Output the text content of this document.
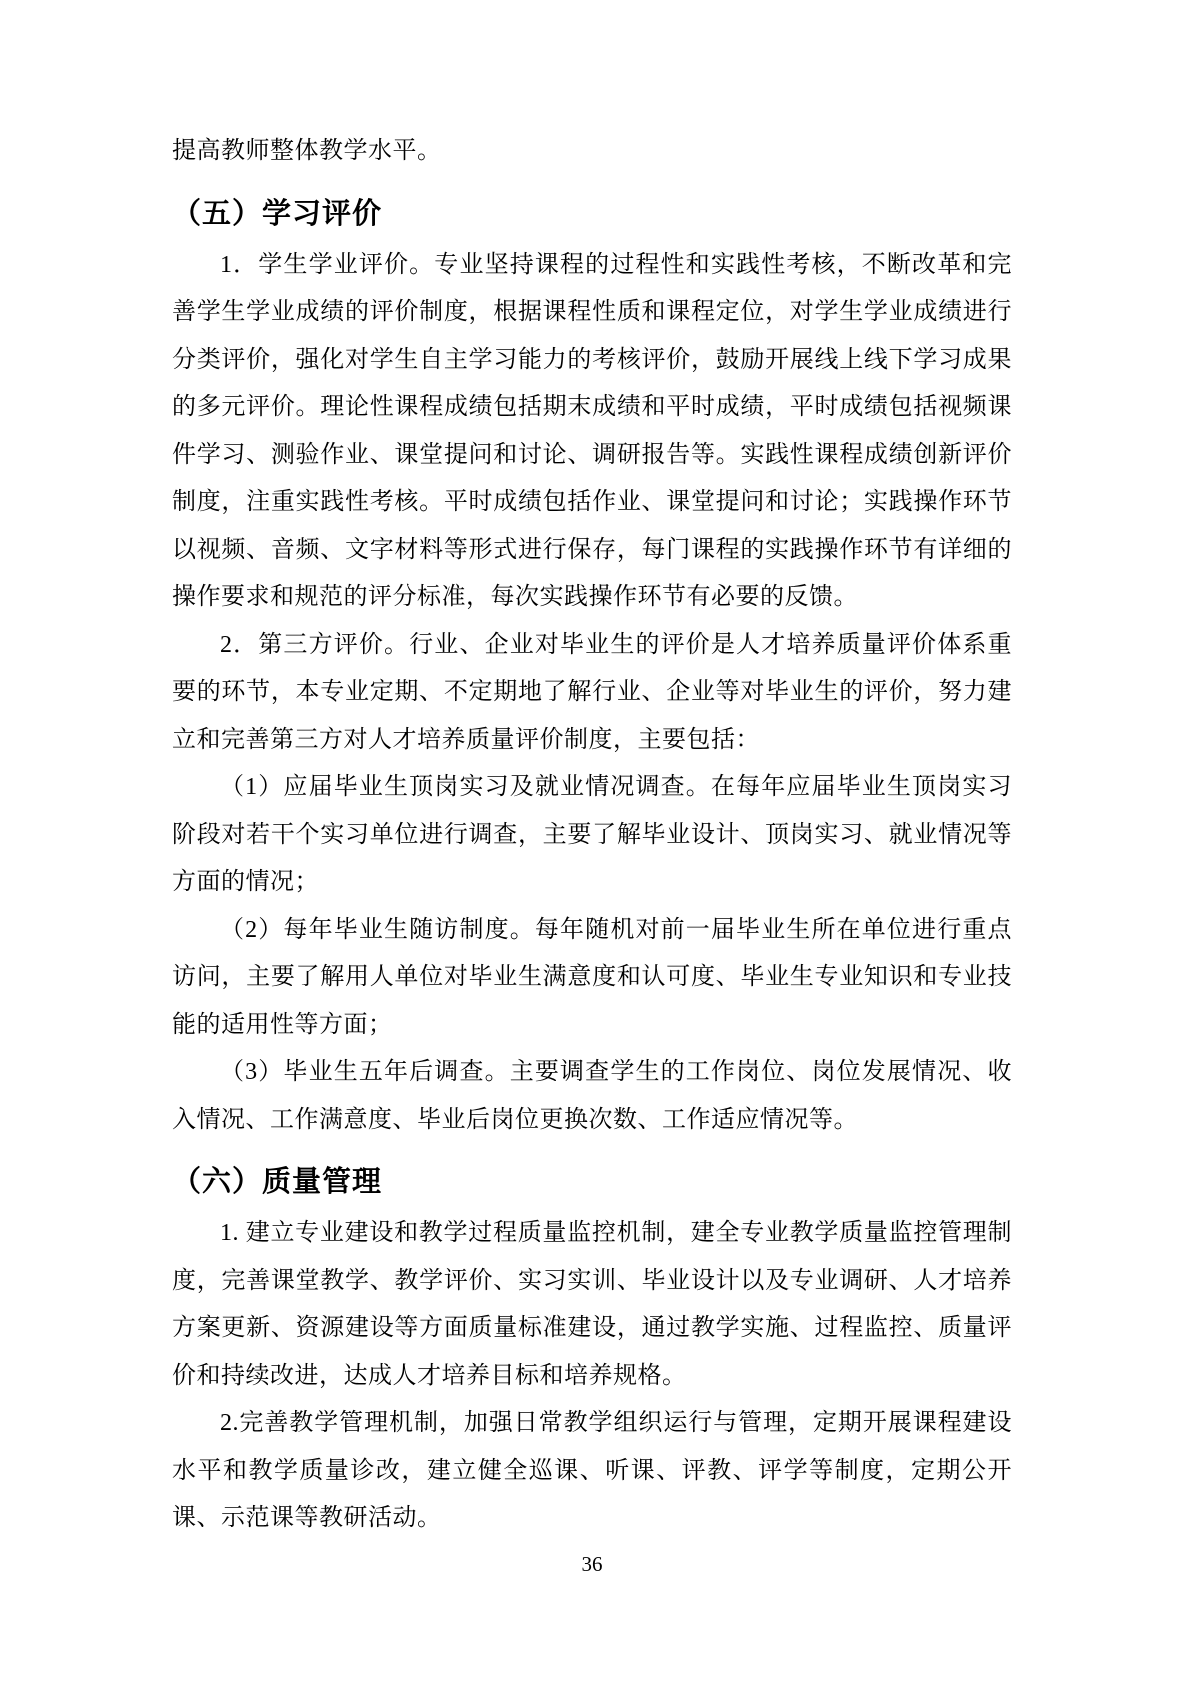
提高教师整体教学水平。

（五）学习评价

1．学生学业评价。专业坚持课程的过程性和实践性考核，不断改革和完善学生学业成绩的评价制度，根据课程性质和课程定位，对学生学业成绩进行分类评价，强化对学生自主学习能力的考核评价，鼓励开展线上线下学习成果的多元评价。理论性课程成绩包括期末成绩和平时成绩，平时成绩包括视频课件学习、测验作业、课堂提问和讨论、调研报告等。实践性课程成绩创新评价制度，注重实践性考核。平时成绩包括作业、课堂提问和讨论；实践操作环节以视频、音频、文字材料等形式进行保存，每门课程的实践操作环节有详细的操作要求和规范的评分标准，每次实践操作环节有必要的反馈。

2．第三方评价。行业、企业对毕业生的评价是人才培养质量评价体系重要的环节，本专业定期、不定期地了解行业、企业等对毕业生的评价，努力建立和完善第三方对人才培养质量评价制度，主要包括：

（1）应届毕业生顶岗实习及就业情况调查。在每年应届毕业生顶岗实习阶段对若干个实习单位进行调查，主要了解毕业设计、顶岗实习、就业情况等方面的情况；

（2）每年毕业生随访制度。每年随机对前一届毕业生所在单位进行重点访问，主要了解用人单位对毕业生满意度和认可度、毕业生专业知识和专业技能的适用性等方面；

（3）毕业生五年后调查。主要调查学生的工作岗位、岗位发展情况、收入情况、工作满意度、毕业后岗位更换次数、工作适应情况等。

（六）质量管理

1. 建立专业建设和教学过程质量监控机制，建全专业教学质量监控管理制度，完善课堂教学、教学评价、实习实训、毕业设计以及专业调研、人才培养方案更新、资源建设等方面质量标准建设，通过教学实施、过程监控、质量评价和持续改进，达成人才培养目标和培养规格。

2.完善教学管理机制，加强日常教学组织运行与管理，定期开展课程建设水平和教学质量诊改，建立健全巡课、听课、评教、评学等制度，定期公开课、示范课等教研活动。

36
